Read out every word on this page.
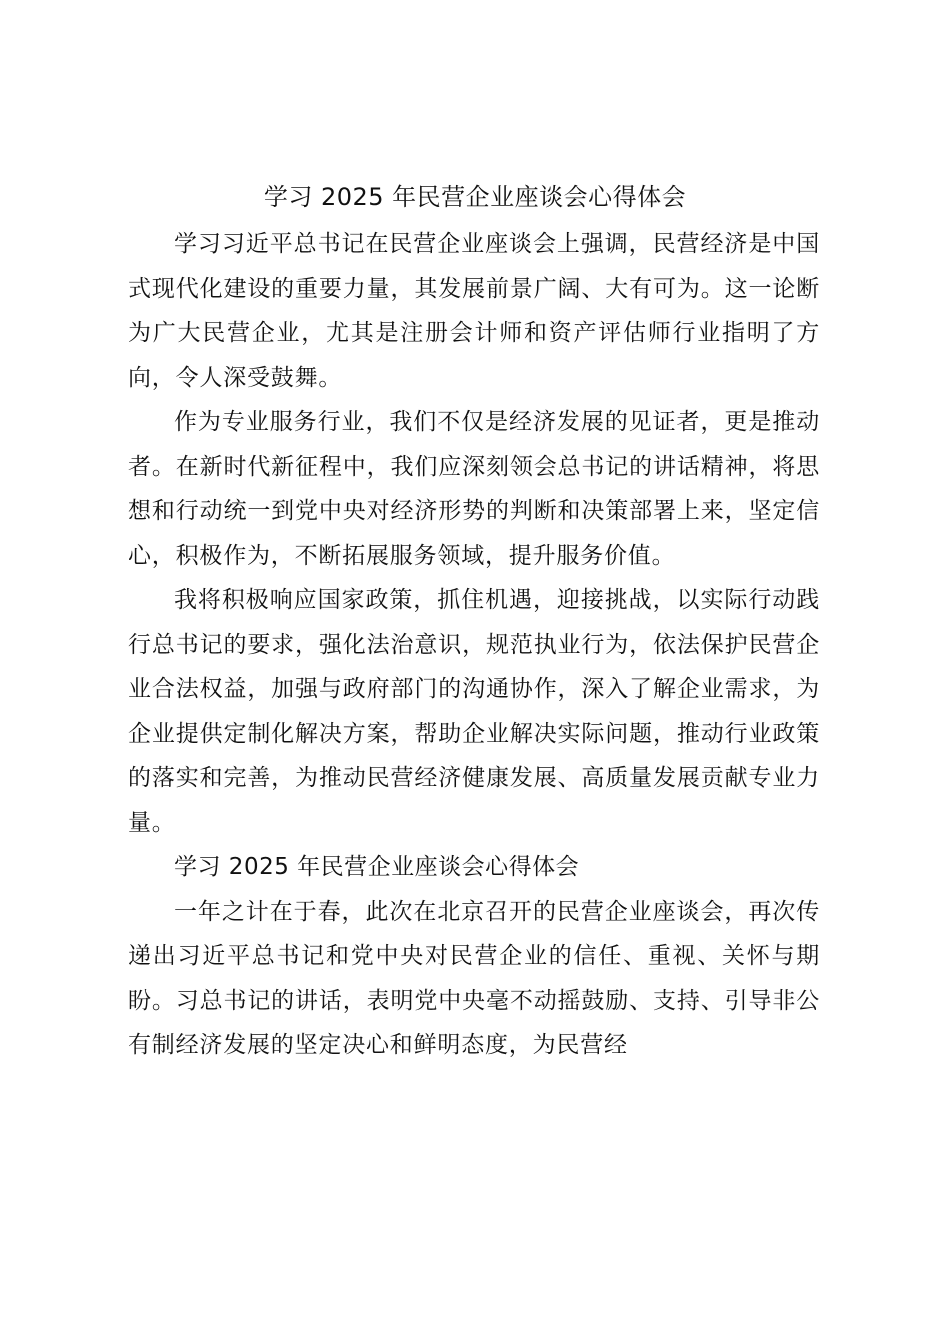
学习 2025 年民营企业座谈会心得体会

学习习近平总书记在民营企业座谈会上强调，民营经济是中国式现代化建设的重要力量，其发展前景广阔、大有可为。这一论断为广大民营企业，尤其是注册会计师和资产评估师行业指明了方向，令人深受鼓舞。

作为专业服务行业，我们不仅是经济发展的见证者，更是推动者。在新时代新征程中，我们应深刻领会总书记的讲话精神，将思想和行动统一到党中央对经济形势的判断和决策部署上来，坚定信心，积极作为，不断拓展服务领域，提升服务价值。

我将积极响应国家政策，抓住机遇，迎接挑战，以实际行动践行总书记的要求，强化法治意识，规范执业行为，依法保护民营企业合法权益，加强与政府部门的沟通协作，深入了解企业需求，为企业提供定制化解决方案，帮助企业解决实际问题，推动行业政策的落实和完善，为推动民营经济健康发展、高质量发展贡献专业力量。

学习 2025 年民营企业座谈会心得体会

一年之计在于春，此次在北京召开的民营企业座谈会，再次传递出习近平总书记和党中央对民营企业的信任、重视、关怀与期盼。习总书记的讲话，表明党中央毫不动摇鼓励、支持、引导非公有制经济发展的坚定决心和鲜明态度，为民营经
